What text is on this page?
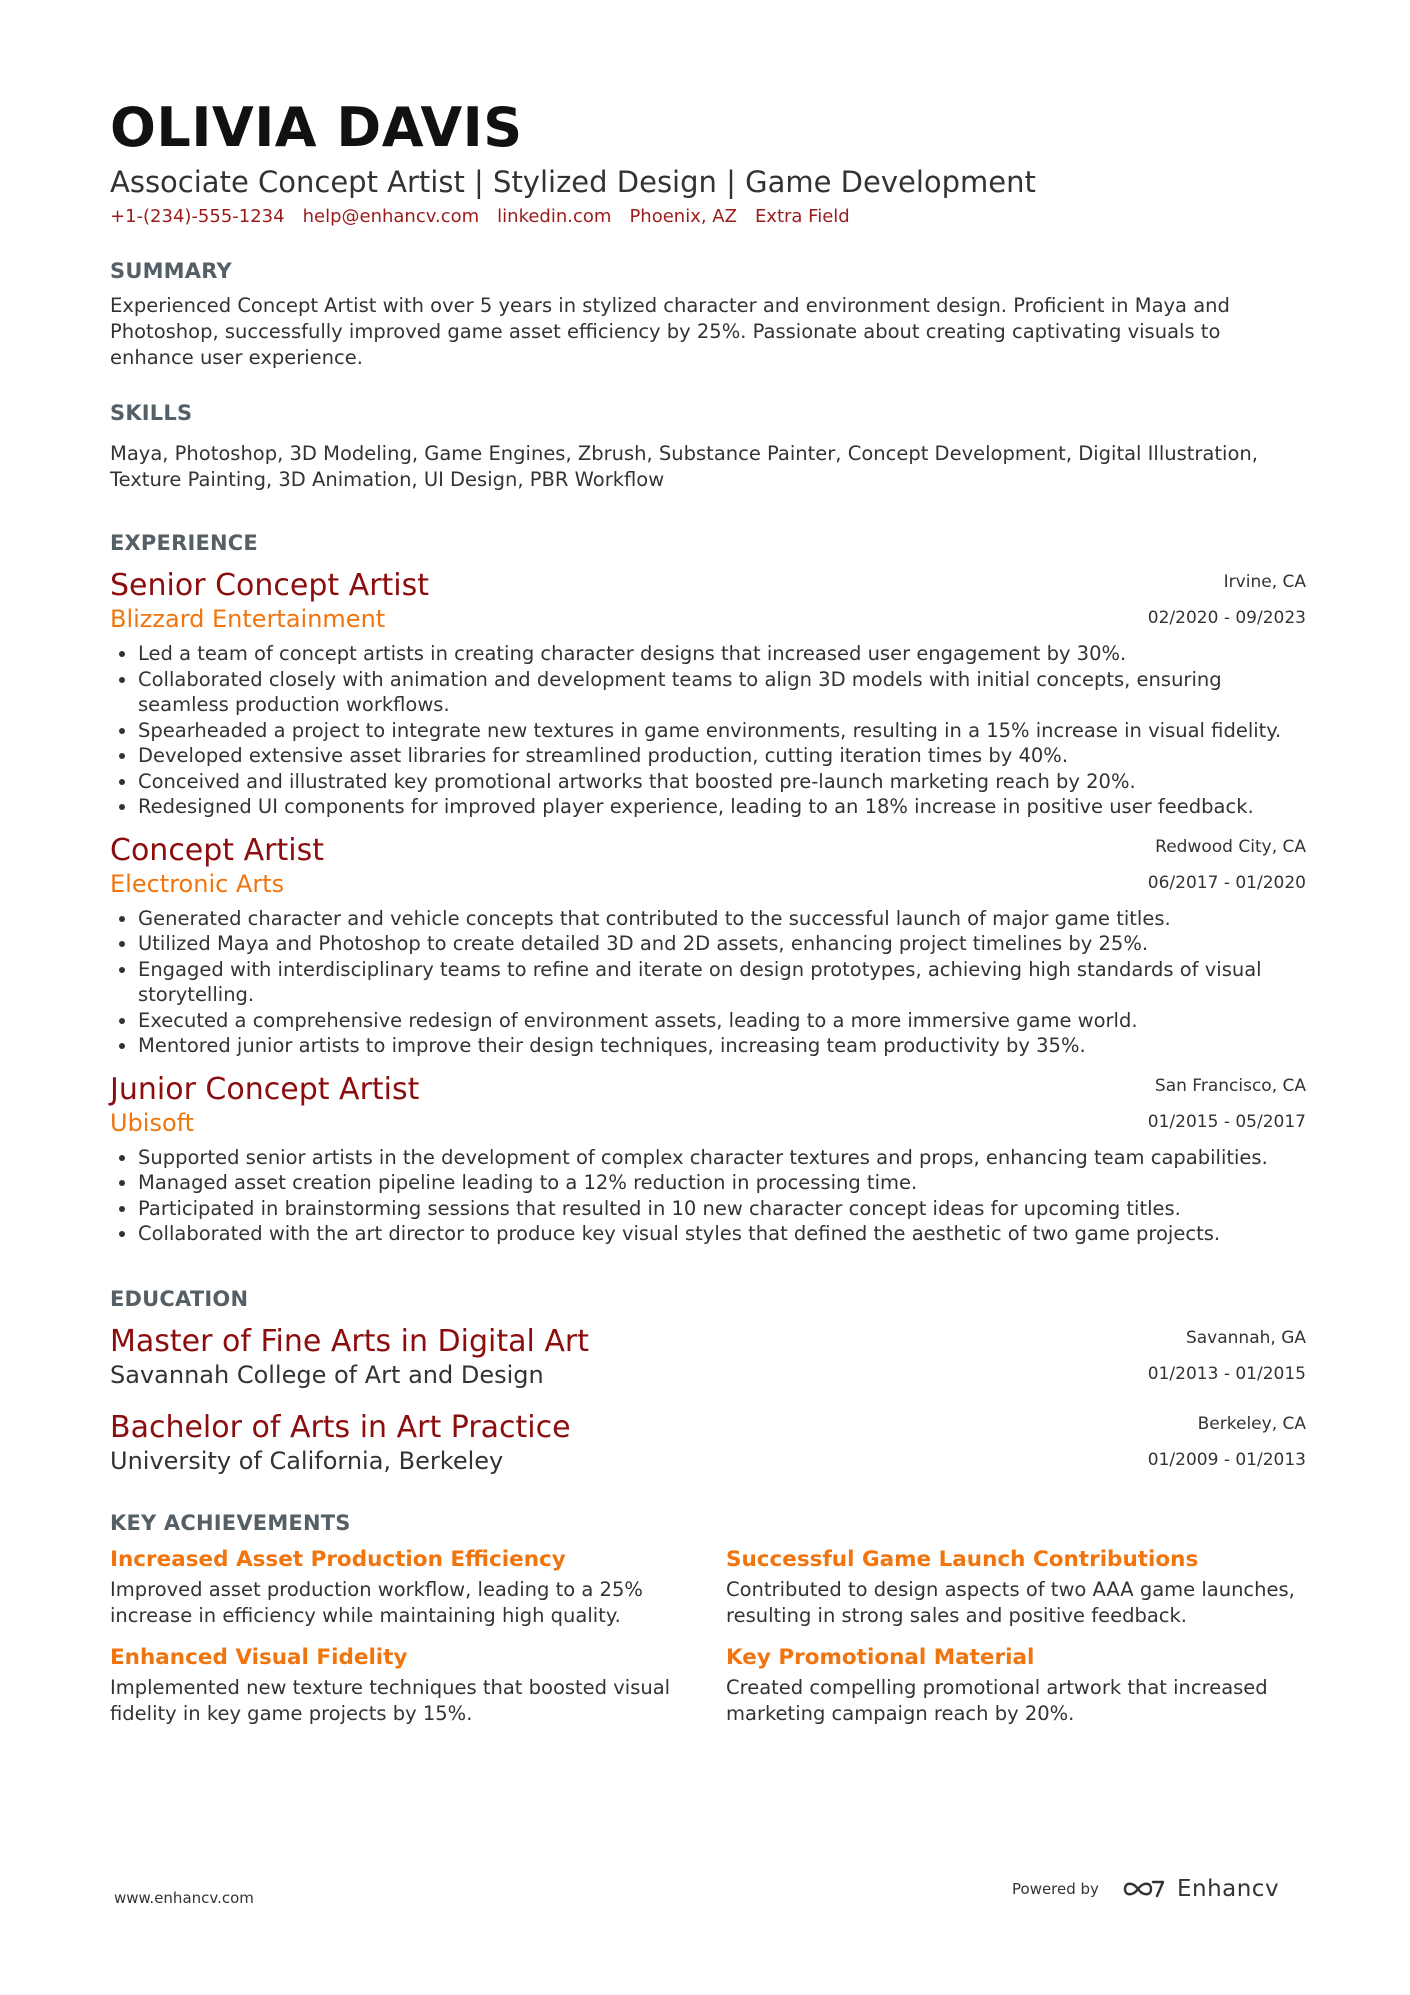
OLIVIA DAVIS
Associate Concept Artist | Stylized Design | Game Development
+1-(234)-555-1234 help@enhancv.com linkedin.com Phoenix, AZ Extra Field
SUMMARY

Experienced Concept Artist with over 5 years in stylized character and environment design. Proficient in Maya and Photoshop, successfully improved game asset efficiency by 25%. Passionate about creating captivating visuals to enhance user experience.

SKILLS

Maya, Photoshop, 3D Modeling, Game Engines, Zbrush, Substance Painter, Concept Development, Digital Illustration, Texture Painting, 3D Animation, UI Design, PBR Workflow

EXPERIENCE
Senior Concept Artist
Blizzard Entertainment
Irvine, CA
02/2020 - 09/2023
• Led a team of concept artists in creating character designs that increased user engagement by 30%.
• Collaborated closely with animation and development teams to align 3D models with initial concepts, ensuring seamless production workflows.
• Spearheaded a project to integrate new textures in game environments, resulting in a 15% increase in visual fidelity.
• Developed extensive asset libraries for streamlined production, cutting iteration times by 40%.
• Conceived and illustrated key promotional artworks that boosted pre-launch marketing reach by 20%.
• Redesigned UI components for improved player experience, leading to an 18% increase in positive user feedback.
Concept Artist
Electronic Arts
Redwood City, CA
06/2017 - 01/2020
• Generated character and vehicle concepts that contributed to the successful launch of major game titles.
• Utilized Maya and Photoshop to create detailed 3D and 2D assets, enhancing project timelines by 25%.
• Engaged with interdisciplinary teams to refine and iterate on design prototypes, achieving high standards of visual storytelling.
• Executed a comprehensive redesign of environment assets, leading to a more immersive game world.
• Mentored junior artists to improve their design techniques, increasing team productivity by 35%.
Junior Concept Artist
Ubisoft
San Francisco, CA
01/2015 - 05/2017
• Supported senior artists in the development of complex character textures and props, enhancing team capabilities.
• Managed asset creation pipeline leading to a 12% reduction in processing time.
• Participated in brainstorming sessions that resulted in 10 new character concept ideas for upcoming titles.
• Collaborated with the art director to produce key visual styles that defined the aesthetic of two game projects.
EDUCATION
Master of Fine Arts in Digital Art
Savannah College of Art and Design
Savannah, GA
01/2013 - 01/2015
Bachelor of Arts in Art Practice
University of California, Berkeley
Berkeley, CA
01/2009 - 01/2013
KEY ACHIEVEMENTS
Increased Asset Production Efficiency
Improved asset production workflow, leading to a 25% increase in efficiency while maintaining high quality.
Successful Game Launch Contributions
Contributed to design aspects of two AAA game launches, resulting in strong sales and positive feedback.
Enhanced Visual Fidelity
Implemented new texture techniques that boosted visual fidelity in key game projects by 15%.
Key Promotional Material
Created compelling promotional artwork that increased marketing campaign reach by 20%.
www.enhancv.com	Powered by	Enhancv
